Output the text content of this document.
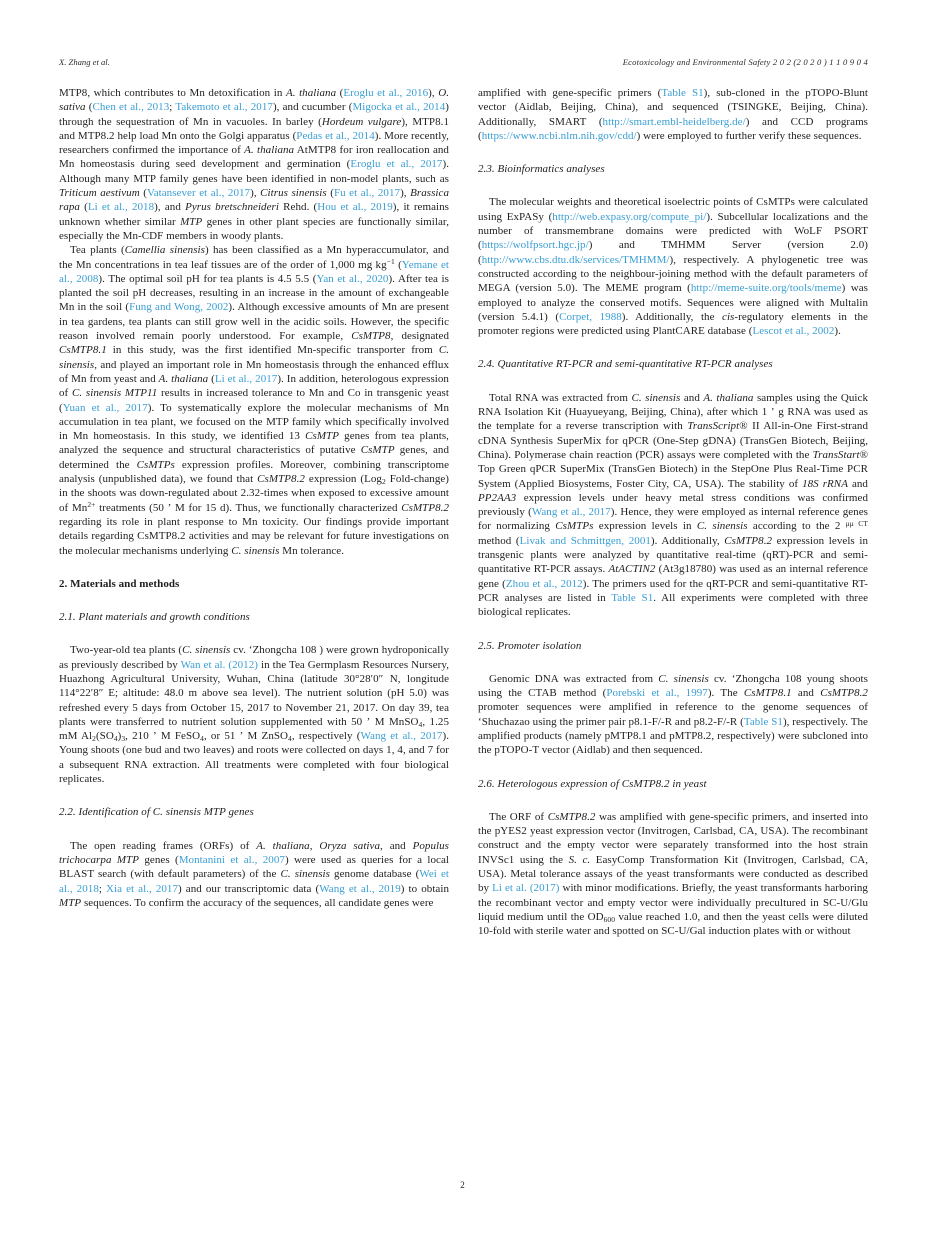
X. Zhang et al.	Ecotoxicology and Environmental Safety 2 0 2 (2 0 2 0 ) 1 1 0 9 0 4

MTP8, which contributes to Mn detoxification in A. thaliana (Eroglu et al., 2016), O. sativa (Chen et al., 2013; Takemoto et al., 2017), and cucumber (Migocka et al., 2014) through the sequestration of Mn in vacuoles. In barley (Hordeum vulgare), MTP8.1 and MTP8.2 help load Mn onto the Golgi apparatus (Pedas et al., 2014). More recently, researchers confirmed the importance of A. thaliana AtMTP8 for iron reallocation and Mn homeostasis during seed development and germination (Eroglu et al., 2017). Although many MTP family genes have been identified in non-model plants, such as Triticum aestivum (Vatansever et al., 2017), Citrus sinensis (Fu et al., 2017), Brassica rapa (Li et al., 2018), and Pyrus bretschneideri Rehd. (Hou et al., 2019), it remains unknown whether similar MTP genes in other plant species are functionally similar, especially the Mn-CDF members in woody plants.

Tea plants (Camellia sinensis) has been classified as a Mn hyperaccumulator, and the Mn concentrations in tea leaf tissues are of the order of 1,000 mg $kg^{-1}$ (Yemane et al., 2008). The optimal soil pH for tea plants is 4.5 5.5 (Yan et al., 2020). After tea is planted the soil pH decreases, resulting in an increase in the amount of exchangeable Mn in the soil (Fung and Wong, 2002). Although excessive amounts of Mn are present in tea gardens, tea plants can still grow well in the acidic soils. However, the specific reason involved remain poorly understood. For example, CsMTP8, designated CsMTP8.1 in this study, was the first identified Mn-specific transporter from C. sinensis, and played an important role in Mn homeostasis through the enhanced efflux of Mn from yeast and A. thaliana (Li et al., 2017). In addition, heterologous expression of C. sinensis MTP11 results in increased tolerance to Mn and Co in transgenic yeast (Yuan et al., 2017). To systematically explore the molecular mechanisms of Mn accumulation in tea plant, we focused on the MTP family which specifically involved in Mn homeostasis. In this study, we identified 13 CsMTP genes from tea plants, analyzed the sequence and structural characteristics of putative CsMTP genes, and determined the CsMTPs expression profiles. Moreover, combining transcriptome analysis (unpublished data), we found that CsMTP8.2 expression (Log$_2$ Fold-change) in the shoots was down-regulated about 2.32-times when exposed to excessive amount of $Mn^{2+}$ treatments (50 ʼ M for 15 d). Thus, we functionally characterized CsMTP8.2 regarding its role in plant response to Mn toxicity. Our findings provide important details regarding CsMTP8.2 activities and may be relevant for future investigations on the molecular mechanisms underlying C. sinensis Mn tolerance.

2. Materials and methods
2.1. Plant materials and growth conditions

Two-year-old tea plants (C. sinensis cv. ‘Zhongcha 108 ) were grown hydroponically as previously described by Wan et al. (2012) in the Tea Germplasm Resources Nursery, Huazhong Agricultural University, Wuhan, China (latitude 30°28′0″ N, longitude 114°22′8″ E; altitude: 48.0 m above sea level). The nutrient solution (pH 5.0) was refreshed every 5 days from October 15, 2017 to November 21, 2017. On day 39, tea plants were transferred to nutrient solution supplemented with 50 ʼ M MnSO$_4$, 1.25 mM $Al_2(SO_4)_3$, 210 ʼ M FeSO$_4$, or 51 ʼ M ZnSO$_4$, respectively (Wang et al., 2017). Young shoots (one bud and two leaves) and roots were collected on days 1, 4, and 7 for a subsequent RNA extraction. All treatments were completed with four biological replicates.

2.2. Identification of C. sinensis MTP genes

The open reading frames (ORFs) of A. thaliana, Oryza sativa, and Populus trichocarpa MTP genes (Montanini et al., 2007) were used as queries for a local BLAST search (with default parameters) of the C. sinensis genome database (Wei et al., 2018; Xia et al., 2017) and our transcriptomic data (Wang et al., 2019) to obtain MTP sequences. To confirm the accuracy of the sequences, all candidate genes were

amplified with gene-specific primers (Table S1), sub-cloned in the pTOPO-Blunt vector (Aidlab, Beijing, China), and sequenced (TSINGKE, Beijing, China). Additionally, SMART (http://smart.embl-heidelberg.de/) and CCD programs (https://www.ncbi.nlm.nih.gov/cdd/) were employed to further verify these sequences.

2.3. Bioinformatics analyses

The molecular weights and theoretical isoelectric points of CsMTPs were calculated using ExPASy (http://web.expasy.org/compute_pi/). Subcellular localizations and the number of transmembrane domains were predicted with WoLF PSORT (https://wolfpsort.hgc.jp/) and TMHMM Server (version 2.0) (http://www.cbs.dtu.dk/services/TMHMM/), respectively. A phylogenetic tree was constructed according to the neighbour-joining method with the default parameters of MEGA (version 5.0). The MEME program (http://meme-suite.org/tools/meme) was employed to analyze the conserved motifs. Sequences were aligned with Multalin (version 5.4.1) (Corpet, 1988). Additionally, the cis-regulatory elements in the promoter regions were predicted using PlantCARE database (Lescot et al., 2002).

2.4. Quantitative RT-PCR and semi-quantitative RT-PCR analyses

Total RNA was extracted from C. sinensis and A. thaliana samples using the Quick RNA Isolation Kit (Huayueyang, Beijing, China), after which 1 ʼ g RNA was used as the template for a reverse transcription with TransScript® II All-in-One First-strand cDNA Synthesis SuperMix for qPCR (One-Step gDNA) (TransGen Biotech, Beijing, China). Polymerase chain reaction (PCR) assays were completed with the TransStart® Top Green qPCR SuperMix (TransGen Biotech) in the StepOne Plus Real-Time PCR System (Applied Biosystems, Foster City, CA, USA). The stability of 18S rRNA and PP2AA3 expression levels under heavy metal stress conditions was confirmed previously (Wang et al., 2017). Hence, they were employed as internal reference genes for normalizing CsMTPs expression levels in C. sinensis according to the 2 $^{\mu\mu CT}$ method (Livak and Schmittgen, 2001). Additionally, CsMTP8.2 expression levels in transgenic plants were analyzed by quantitative real-time (qRT)-PCR and semi-quantitative RT-PCR assays. AtACTIN2 (At3g18780) was used as an internal reference gene (Zhou et al., 2012). The primers used for the qRT-PCR and semi-quantitative RT-PCR analyses are listed in Table S1. All experiments were completed with three biological replicates.

2.5. Promoter isolation

Genomic DNA was extracted from C. sinensis cv. ‘Zhongcha 108 young shoots using the CTAB method (Porebski et al., 1997). The CsMTP8.1 and CsMTP8.2 promoter sequences were amplified in reference to the genome sequences of ‘Shuchazao using the primer pair p8.1-F/-R and p8.2-F/-R (Table S1), respectively. The amplified products (namely pMTP8.1 and pMTP8.2, respectively) were subcloned into the pTOPO-T vector (Aidlab) and then sequenced.

2.6. Heterologous expression of CsMTP8.2 in yeast

The ORF of CsMTP8.2 was amplified with gene-specific primers, and inserted into the pYES2 yeast expression vector (Invitrogen, Carlsbad, CA, USA). The recombinant construct and the empty vector were separately transformed into the host strain INVSc1 using the S. c. EasyComp Transformation Kit (Invitrogen, Carlsbad, CA, USA). Metal tolerance assays of the yeast transformants were conducted as described by Li et al. (2017) with minor modifications. Briefly, the yeast transformants harboring the recombinant vector and empty vector were individually precultured in SC-U/Glu liquid medium until the $OD_{600}$ value reached 1.0, and then the yeast cells were diluted 10-fold with sterile water and spotted on SC-U/Gal induction plates with or without

2
